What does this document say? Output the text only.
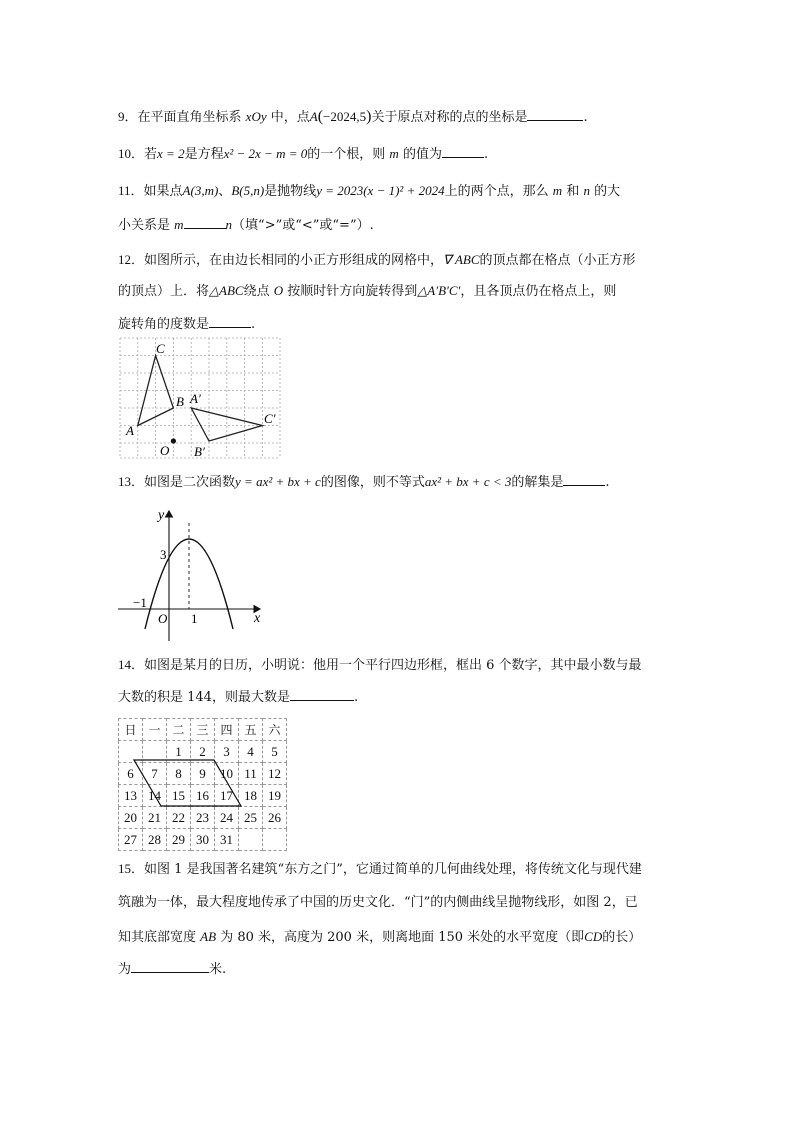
9．在平面直角坐标系 xOy 中，点A(−2024,5)关于原点对称的点的坐标是	.
10．若x = 2是方程x² − 2x − m = 0的一个根，则 m 的值为	.
11．如果点A(3,m)、B(5,n)是抛物线y = 2023(x − 1)² + 2024上的两个点，那么 m 和 n 的大
小关系是 m	n（填“>”或“<”或“=”）.
12．如图所示，在由边长相同的小正方形组成的网格中，∇ ABC的顶点都在格点（小正方形
的顶点）上．将△ABC绕点 O 按顺时针方向旋转得到△A′B′C′，且各顶点仍在格点上，则
旋转角的度数是	.
C
A
B A′
B′
C′
O
13．如图是二次函数y = ax² + bx + c的图像，则不等式ax² + bx + c < 3的解集是	.
y
x
3
−1
O 1
14．如图是某月的日历，小明说：他用一个平行四边形框，框出 6 个数字，其中最小数与最
大数的积是 144，则最大数是	.
日	一	二	三	四	五	六
		1	2	3	4	5
6	7	8	9	10	11	12
13	14	15	16	17	18	19
20	21	22	23	24	25	26
27	28	29	30	31		
15．如图 1 是我国著名建筑“东方之门”，它通过简单的几何曲线处理，将传统文化与现代建
筑融为一体，最大程度地传承了中国的历史文化．“门”的内侧曲线呈抛物线形，如图 2，已
知其底部宽度 AB 为 80 米，高度为 200 米，则离地面 150 米处的水平宽度（即CD的长）
为	米.
